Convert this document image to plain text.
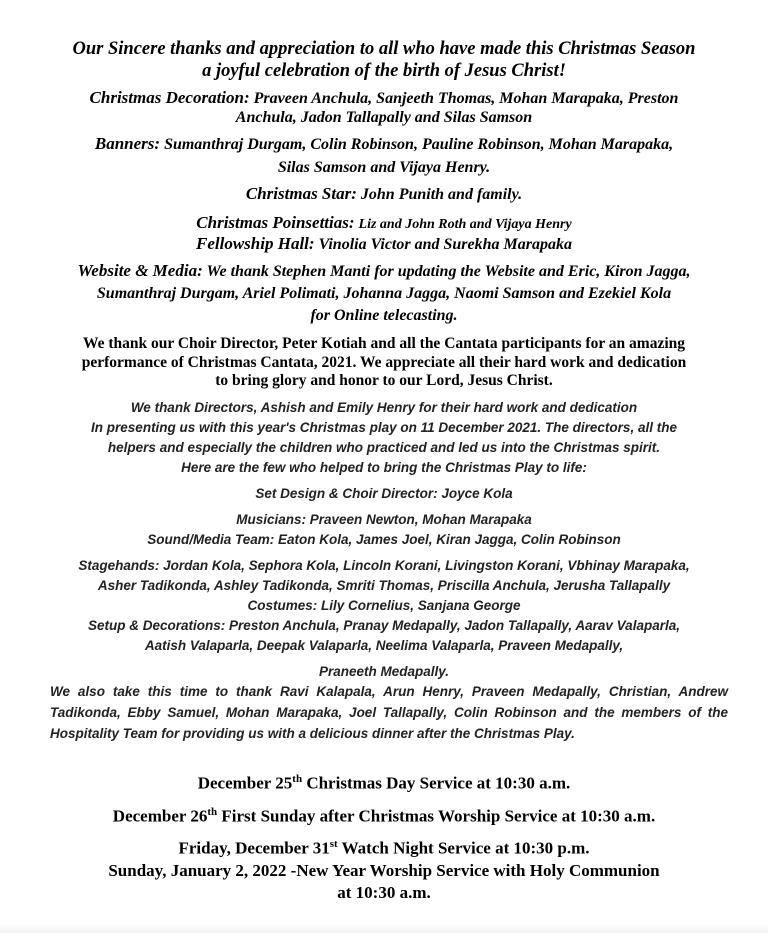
Our Sincere thanks and appreciation to all who have made this Christmas Season

a joyful celebration of the birth of Jesus Christ!

Christmas Decoration: Praveen Anchula, Sanjeeth Thomas, Mohan Marapaka, Preston

Anchula, Jadon Tallapally and Silas Samson

Banners: Sumanthraj Durgam, Colin Robinson, Pauline Robinson, Mohan Marapaka,

Silas Samson and Vijaya Henry.

Christmas Star: John Punith and family.

Christmas Poinsettias: Liz and John Roth and Vijaya Henry

Fellowship Hall: Vinolia Victor and Surekha Marapaka

Website & Media: We thank Stephen Manti for updating the Website and Eric, Kiron Jagga,

Sumanthraj Durgam, Ariel Polimati, Johanna Jagga, Naomi Samson and Ezekiel Kola

for Online telecasting.

We thank our Choir Director, Peter Kotiah and all the Cantata participants for an amazing

performance of Christmas Cantata, 2021. We appreciate all their hard work and dedication

to bring glory and honor to our Lord, Jesus Christ.

We thank Directors, Ashish and Emily Henry for their hard work and dedication

In presenting us with this year's Christmas play on 11 December 2021. The directors, all the

helpers and especially the children who practiced and led us into the Christmas spirit.

Here are the few who helped to bring the Christmas Play to life:

Set Design & Choir Director: Joyce Kola

Musicians: Praveen Newton, Mohan Marapaka

Sound/Media Team: Eaton Kola, James Joel, Kiran Jagga, Colin Robinson

Stagehands: Jordan Kola, Sephora Kola, Lincoln Korani, Livingston Korani, Vbhinay Marapaka,

Asher Tadikonda, Ashley Tadikonda, Smriti Thomas, Priscilla Anchula, Jerusha Tallapally

Costumes: Lily Cornelius, Sanjana George

Setup & Decorations: Preston Anchula, Pranay Medapally, Jadon Tallapally, Aarav Valaparla,

Aatish Valaparla, Deepak Valaparla, Neelima Valaparla, Praveen Medapally,

Praneeth Medapally.

We also take this time to thank Ravi Kalapala, Arun Henry, Praveen Medapally, Christian, Andrew Tadikonda, Ebby Samuel, Mohan Marapaka, Joel Tallapally, Colin Robinson and the members of the Hospitality Team for providing us with a delicious dinner after the Christmas Play.

December 25th Christmas Day Service at 10:30 a.m.

December 26th First Sunday after Christmas Worship Service at 10:30 a.m.

Friday, December 31st Watch Night Service at 10:30 p.m.

Sunday, January 2, 2022 -New Year Worship Service with Holy Communion

at 10:30 a.m.
